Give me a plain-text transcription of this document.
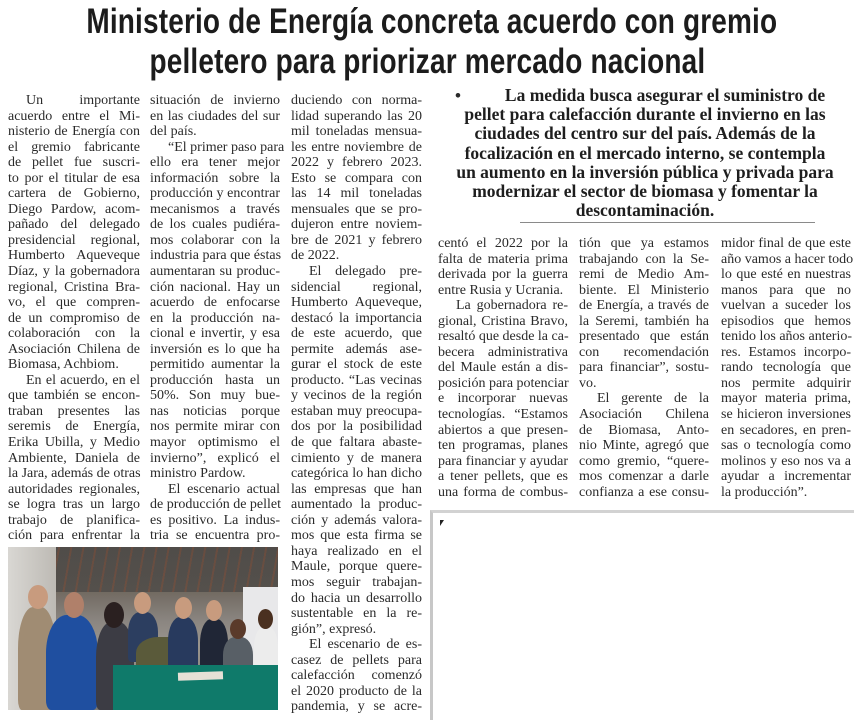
Ministerio de Energía concreta acuerdo con gremio
pelletero para priorizar mercado nacional
•	La medida busca asegurar el suministro de
pellet para calefacción durante el invierno en las
ciudades del centro sur del país. Además de la
focalización en el mercado interno, se contempla
un aumento en la inversión pública y privada para
modernizar el sector de biomasa y fomentar la
descontaminación.
Un importante
acuerdo entre el Mi-
nisterio de Energía con
el gremio fabricante
de pellet fue suscri-
to por el titular de esa
cartera de Gobierno,
Diego Pardow, acom-
pañado del delegado
presidencial regional,
Humberto Aqueveque
Díaz, y la gobernadora
regional, Cristina Bra-
vo, el que compren-
de un compromiso de
colaboración con la
Asociación Chilena de
Biomasa, Achbiom.
En el acuerdo, en el
que también se encon-
traban presentes las
seremis de Energía,
Erika Ubilla, y Medio
Ambiente, Daniela de
la Jara, además de otras
autoridades regionales,
se logra tras un largo
trabajo de planifica-
ción para enfrentar la
situación de invierno
en las ciudades del sur
del país.
“El primer paso para
ello era tener mejor
información sobre la
producción y encontrar
mecanismos a través
de los cuales pudiéra-
mos colaborar con la
industria para que éstas
aumentaran su produc-
ción nacional. Hay un
acuerdo de enfocarse
en la producción na-
cional e invertir, y esa
inversión es lo que ha
permitido aumentar la
producción hasta un
50%. Son muy bue-
nas noticias porque
nos permite mirar con
mayor optimismo el
invierno”, explicó el
ministro Pardow.
El escenario actual
de producción de pellet
es positivo. La indus-
tria se encuentra pro-
duciendo con norma-
lidad superando las 20
mil toneladas mensua-
les entre noviembre de
2022 y febrero 2023.
Esto se compara con
las 14 mil toneladas
mensuales que se pro-
dujeron entre noviem-
bre de 2021 y febrero
de 2022.
El delegado pre-
sidencial regional,
Humberto Aqueveque,
destacó la importancia
de este acuerdo, que
permite además ase-
gurar el stock de este
producto. “Las vecinas
y vecinos de la región
estaban muy preocupa-
dos por la posibilidad
de que faltara abaste-
cimiento y de manera
categórica lo han dicho
las empresas que han
aumentado la produc-
ción y además valora-
mos que esta firma se
haya realizado en el
Maule, porque quere-
mos seguir trabajan-
do hacia un desarrollo
sustentable en la re-
gión”, expresó.
El escenario de es-
casez de pellets para
calefacción comenzó
el 2020 producto de la
pandemia, y se acre-
centó el 2022 por la
falta de materia prima
derivada por la guerra
entre Rusia y Ucrania.
La gobernadora re-
gional, Cristina Bravo,
resaltó que desde la ca-
becera administrativa
del Maule están a dis-
posición para potenciar
e incorporar nuevas
tecnologías. “Estamos
abiertos a que presen-
ten programas, planes
para financiar y ayudar
a tener pellets, que es
una forma de combus-
tión que ya estamos
trabajando con la Se-
remi de Medio Am-
biente. El Ministerio
de Energía, a través de
la Seremi, también ha
presentado que están
con recomendación
para financiar”, sostu-
vo.
El gerente de la
Asociación Chilena
de Biomasa, Anto-
nio Minte, agregó que
como gremio, “quere-
mos comenzar a darle
confianza a ese consu-
midor final de que este
año vamos a hacer todo
lo que esté en nuestras
manos para que no
vuelvan a suceder los
episodios que hemos
tenido los años anterio-
res. Estamos incorpo-
rando tecnología que
nos permite adquirir
mayor materia prima,
se hicieron inversiones
en secadores, en pren-
sas o tecnología como
molinos y eso nos va a
ayudar a incrementar
la producción”.
